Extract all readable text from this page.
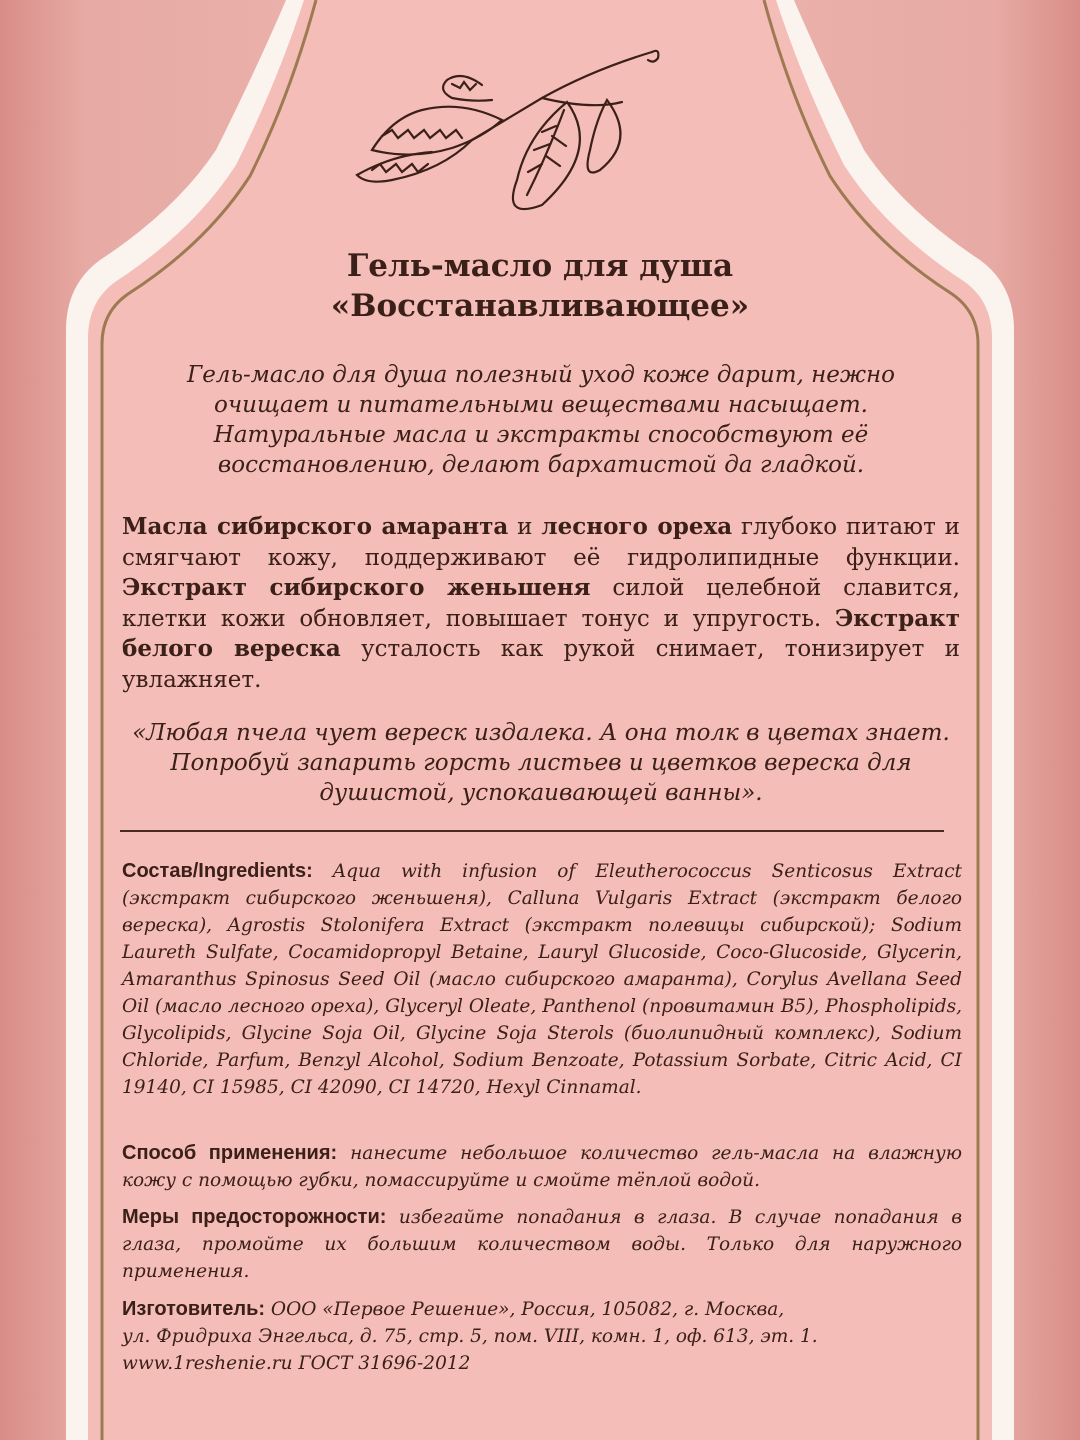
Гель-масло для душа
«Восстанавливающее»
Гель-масло для душа полезный уход коже дарит, нежно очищает и питательными веществами насыщает. Натуральные масла и экстракты способствуют её восстановлению, делают бархатистой да гладкой.
Масла сибирского амаранта и лесного ореха глубоко питают и смягчают кожу, поддерживают её гидролипидные функции. Экстракт сибирского женьшеня силой целебной славится, клетки кожи обновляет, повышает тонус и упругость. Экстракт белого вереска усталость как рукой снимает, тонизирует и увлажняет.
«Любая пчела чует вереск издалека. А она толк в цветах знает. Попробуй запарить горсть листьев и цветков вереска для душистой, успокаивающей ванны».
Состав/Ingredients: Aqua with infusion of Eleutherococcus Senticosus Extract (экстракт сибирского женьшеня), Calluna Vulgaris Extract (экстракт белого вереска), Agrostis Stolonifera Extract (экстракт полевицы сибирской); Sodium Laureth Sulfate, Cocamidopropyl Betaine, Lauryl Glucoside, Coco-Glucoside, Glycerin, Amaranthus Spinosus Seed Oil (масло сибирского амаранта), Corylus Avellana Seed Oil (масло лесного ореха), Glyceryl Oleate, Panthenol (провитамин B5), Phospholipids, Glycolipids, Glycine Soja Oil, Glycine Soja Sterols (биолипидный комплекс), Sodium Chloride, Parfum, Benzyl Alcohol, Sodium Benzoate, Potassium Sorbate, Citric Acid, CI 19140, CI 15985, CI 42090, CI 14720, Hexyl Cinnamal.
Способ применения: нанесите небольшое количество гель-масла на влажную кожу с помощью губки, помассируйте и смойте тёплой водой.
Меры предосторожности: избегайте попадания в глаза. В случае попадания в глаза, промойте их большим количеством воды. Только для наружного применения.
Изготовитель: ООО «Первое Решение», Россия, 105082, г. Москва,
ул. Фридриха Энгельса, д. 75, стр. 5, пом. VIII, комн. 1, оф. 613, эт. 1.
www.1reshenie.ru ГОСТ 31696-2012
